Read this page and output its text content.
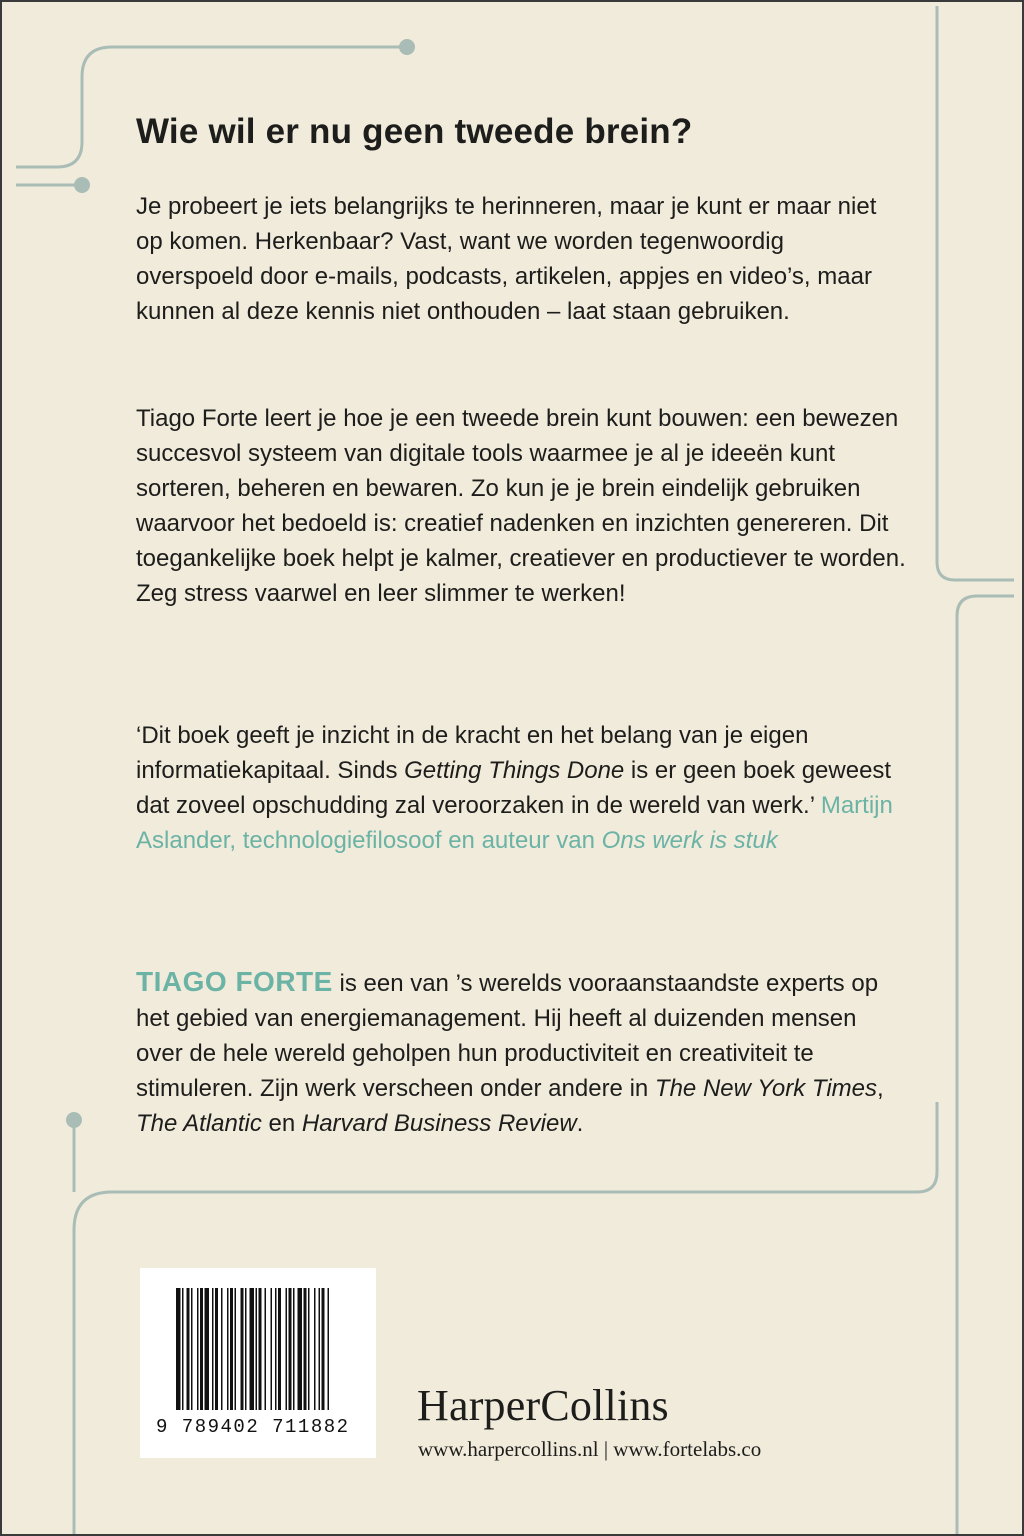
Wie wil er nu geen tweede brein?

Je probeert je iets belangrijks te herinneren, maar je kunt er maar niet op komen. Herkenbaar? Vast, want we worden tegenwoordig overspoeld door e-mails, podcasts, artikelen, appjes en video’s, maar kunnen al deze kennis niet onthouden – laat staan gebruiken.

Tiago Forte leert je hoe je een tweede brein kunt bouwen: een bewezen succesvol systeem van digitale tools waarmee je al je ideeën kunt sorteren, beheren en bewaren. Zo kun je je brein eindelijk gebruiken waarvoor het bedoeld is: creatief nadenken en inzichten genereren. Dit toegankelijke boek helpt je kalmer, creatiever en productiever te worden. Zeg stress vaarwel en leer slimmer te werken!

‘Dit boek geeft je inzicht in de kracht en het belang van je eigen informatiekapitaal. Sinds Getting Things Done is er geen boek geweest dat zoveel opschudding zal veroorzaken in de wereld van werk.’ Martijn Aslander, technologiefilosoof en auteur van Ons werk is stuk

TIAGO FORTE is een van ’s werelds vooraanstaandste experts op het gebied van energiemanagement. Hij heeft al duizenden mensen over de hele wereld geholpen hun productiviteit en creativiteit te stimuleren. Zijn werk verscheen onder andere in The New York Times, The Atlantic en Harvard Business Review.

9 789402 711882	HarperCollins
www.harpercollins.nl | www.fortelabs.co
